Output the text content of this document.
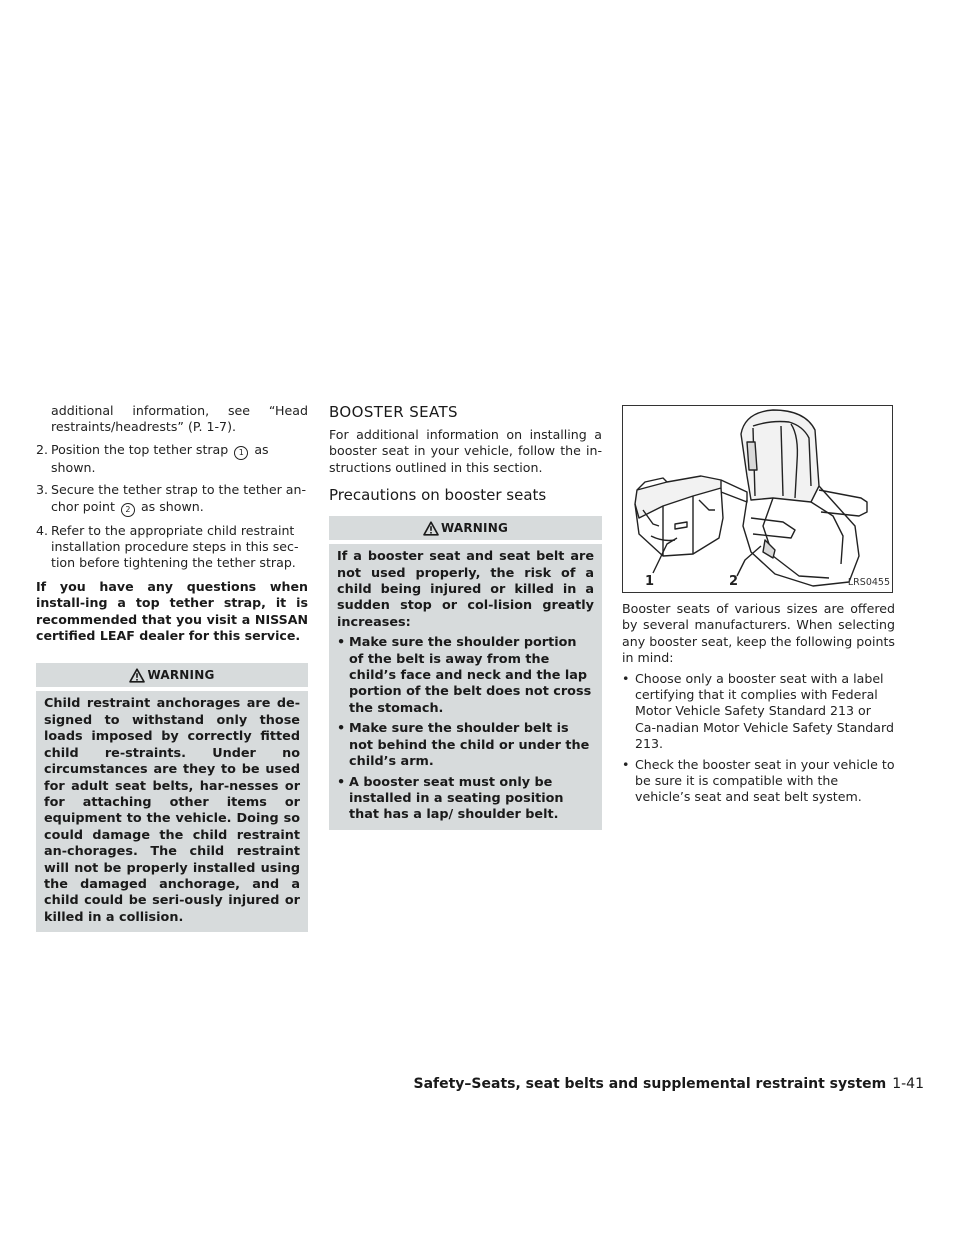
additional information, see “Head restraints/headrests” (P. 1-7).

2. Position the top tether strap 1 as shown.
3. Secure the tether strap to the tether an-chor point 2 as shown.
4. Refer to the appropriate child restraint installation procedure steps in this sec-tion before tightening the tether strap.

If you have any questions when install-ing a top tether strap, it is recommended that you visit a NISSAN certified LEAF dealer for this service.

WARNING

Child restraint anchorages are de-signed to withstand only those loads imposed by correctly fitted child re-straints. Under no circumstances are they to be used for adult seat belts, har-nesses or for attaching other items or equipment to the vehicle. Doing so could damage the child restraint an-chorages. The child restraint will not be properly installed using the damaged anchorage, and a child could be seri-ously injured or killed in a collision.

BOOSTER SEATS

For additional information on installing a booster seat in your vehicle, follow the in-structions outlined in this section.

Precautions on booster seats
WARNING

If a booster seat and seat belt are not used properly, the risk of a child being injured or killed in a sudden stop or col-lision greatly increases:

• Make sure the shoulder portion of the belt is away from the child’s face and neck and the lap portion of the belt does not cross the stomach.
• Make sure the shoulder belt is not behind the child or under the child’s arm.
• A booster seat must only be installed in a seating position that has a lap/ shoulder belt.
1	2	LRS0455

Booster seats of various sizes are offered by several manufacturers. When selecting any booster seat, keep the following points in mind:

• Choose only a booster seat with a label certifying that it complies with Federal Motor Vehicle Safety Standard 213 or Ca-nadian Motor Vehicle Safety Standard 213.
• Check the booster seat in your vehicle to be sure it is compatible with the vehicle’s seat and seat belt system.
Safety–Seats, seat belts and supplemental restraint system 1-41
